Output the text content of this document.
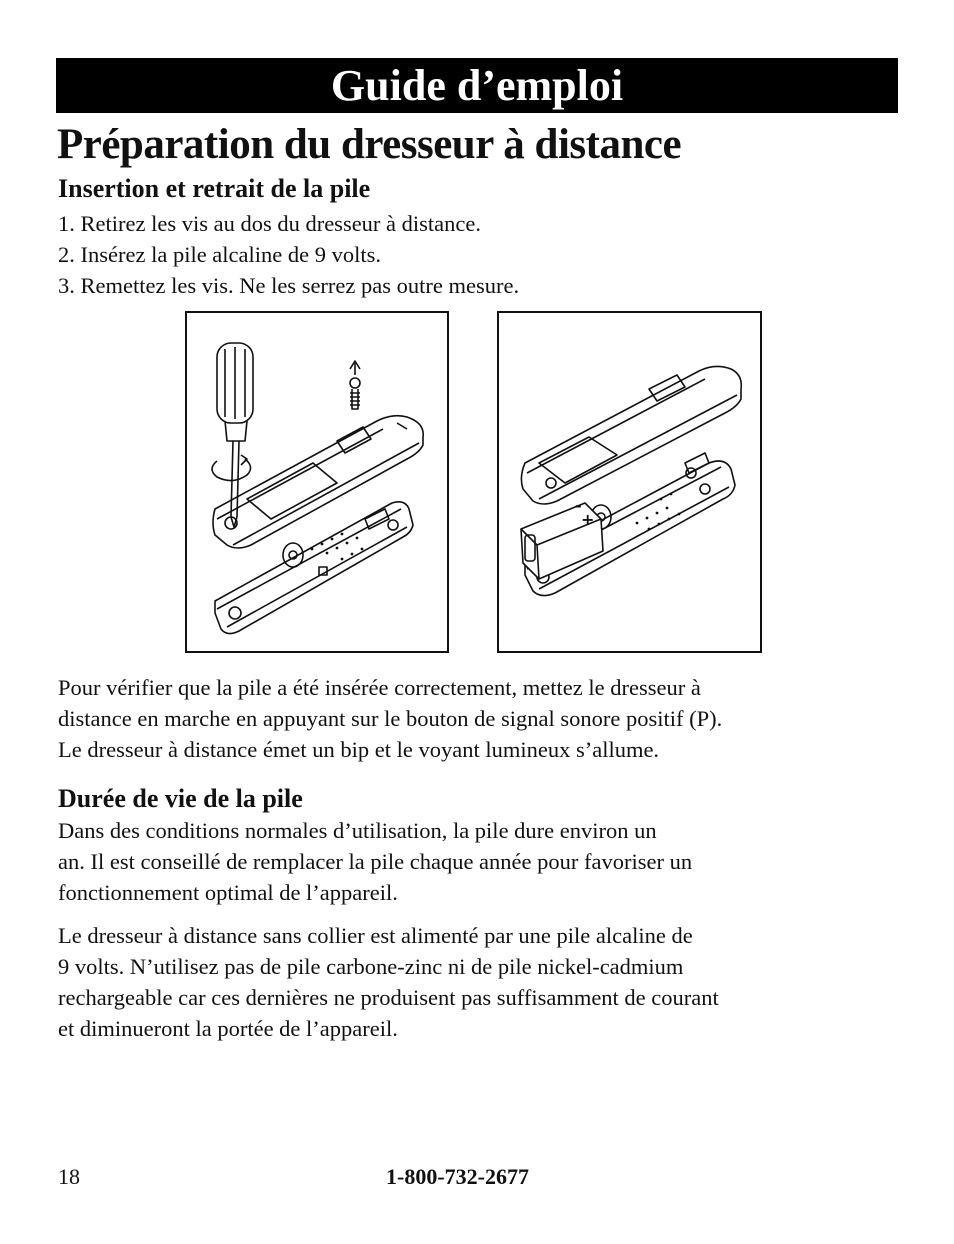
Guide d’emploi
Préparation du dresseur à distance
Insertion et retrait de la pile
1. Retirez les vis au dos du dresseur à distance.
2. Insérez la pile alcaline de 9 volts.
3. Remettez les vis. Ne les serrez pas outre mesure.
+
-
Pour vérifier que la pile a été insérée correctement, mettez le dresseur à
distance en marche en appuyant sur le bouton de signal sonore positif (P).
Le dresseur à distance émet un bip et le voyant lumineux s’allume.
Durée de vie de la pile
Dans des conditions normales d’utilisation, la pile dure environ un
an. Il est conseillé de remplacer la pile chaque année pour favoriser un
fonctionnement optimal de l’appareil.
Le dresseur à distance sans collier est alimenté par une pile alcaline de
9 volts. N’utilisez pas de pile carbone-zinc ni de pile nickel-cadmium
rechargeable car ces dernières ne produisent pas suffisamment de courant
et diminueront la portée de l’appareil.
18	1-800-732-2677
